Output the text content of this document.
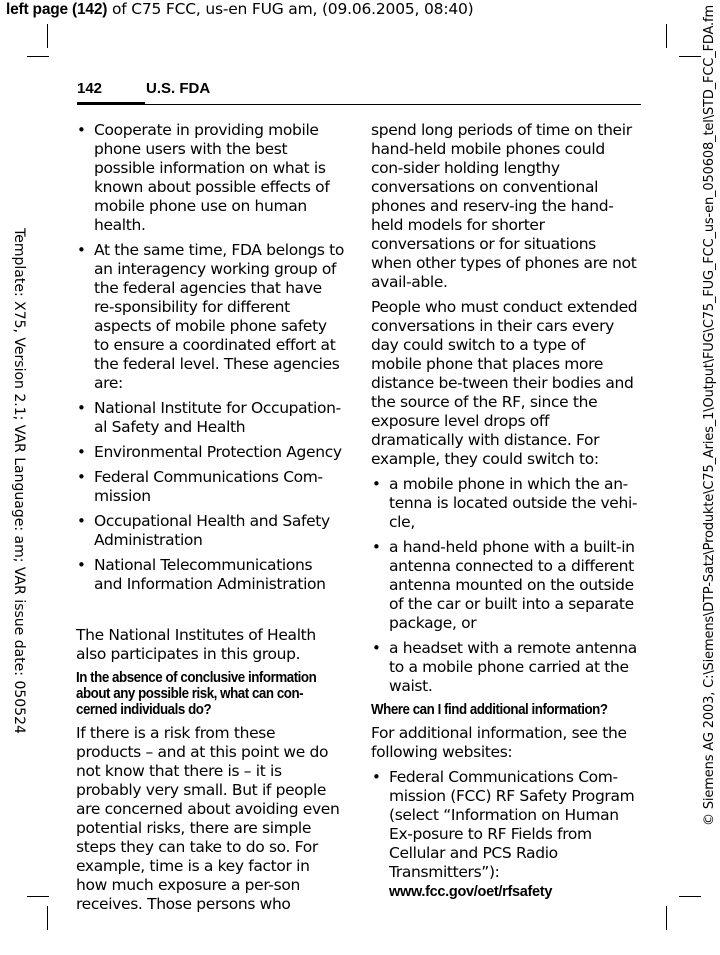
left page (142) of C75 FCC, us-en FUG am, (09.06.2005, 08:40)
Template: X75, Version 2.1; VAR Language: am; VAR issue date: 050524	© Siemens AG 2003, C:\Siemens\DTP-Satz\Produkte\C75_Aries_1\Output\FUG\C75_FUG_FCC_us-en_050608_tel\STD_FCC_FDA.fm
142	U.S. FDA
• Cooperate in providing mobile phone users with the best possible information on what is known about possible effects of mobile phone use on human health.
• At the same time, FDA belongs to an interagency working group of the federal agencies that have re-sponsibility for different aspects of mobile phone safety to ensure a coordinated effort at the federal level. These agencies are:
• National Institute for Occupation-al Safety and Health
• Environmental Protection Agency
• Federal Communications Com-mission
• Occupational Health and Safety Administration
• National Telecommunications and Information Administration

The National Institutes of Health also participates in this group.

In the absence of conclusive information about any possible risk, what can con-cerned individuals do?

If there is a risk from these products – and at this point we do not know that there is – it is probably very small. But if people are concerned about avoiding even potential risks, there are simple steps they can take to do so. For example, time is a key factor in how much exposure a per-son receives. Those persons who

spend long periods of time on their hand-held mobile phones could con-sider holding lengthy conversations on conventional phones and reserv-ing the hand-held models for shorter conversations or for situations when other types of phones are not avail-able.

People who must conduct extended conversations in their cars every day could switch to a type of mobile phone that places more distance be-tween their bodies and the source of the RF, since the exposure level drops off dramatically with distance. For example, they could switch to:

• a mobile phone in which the an-tenna is located outside the vehi-cle,
• a hand-held phone with a built-in antenna connected to a different antenna mounted on the outside of the car or built into a separate package, or
• a headset with a remote antenna to a mobile phone carried at the waist.

Where can I find additional information?

For additional information, see the following websites:

• Federal Communications Com-mission (FCC) RF Safety Program (select “Information on Human Ex-posure to RF Fields from Cellular and PCS Radio Transmitters”): www.fcc.gov/oet/rfsafety
